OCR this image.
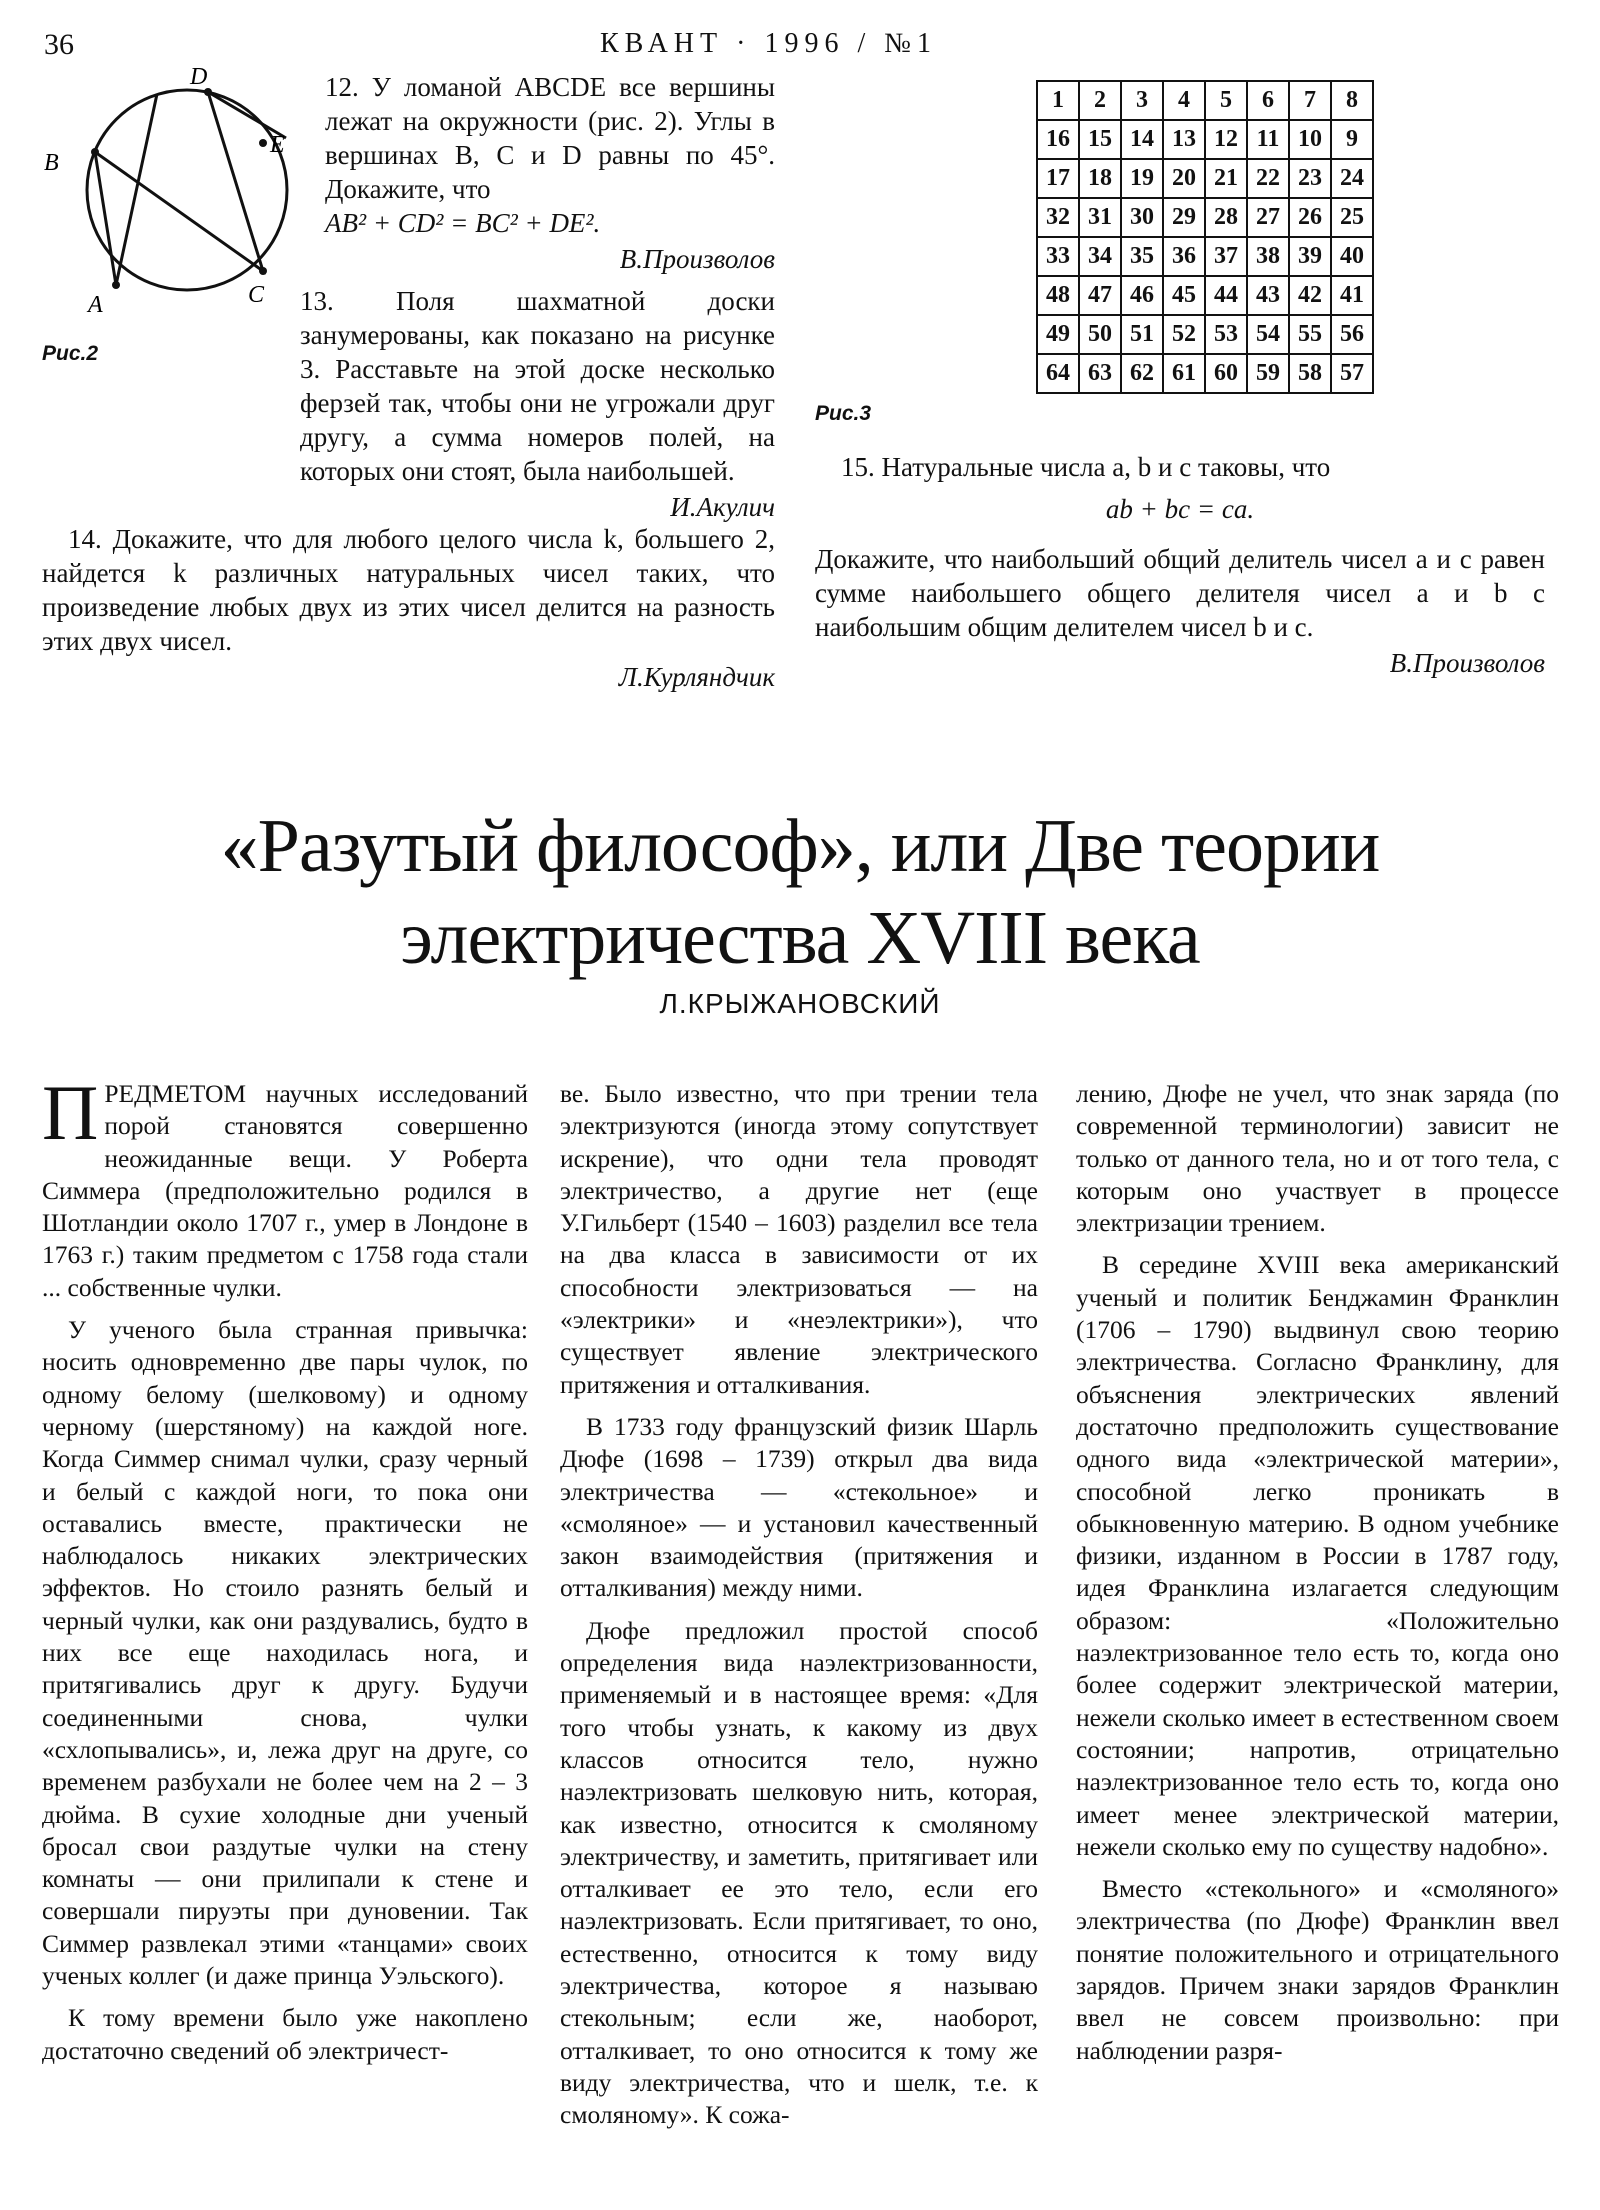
36	КВАНТ · 1996 / №1
A
B
C
D
E
Рис.2

12. У ломаной ABCDE все вершины лежат на окружности (рис. 2). Углы в вершинах B, C и D равны по 45°. Докажите, что

AB² + CD² = BC² + DE².

В.Произволов

13. Поля шахматной доски занумерованы, как показано на рисунке 3. Расставьте на этой доске несколько ферзей так, чтобы они не угрожали друг другу, а сумма номеров полей, на которых они стоят, была наибольшей.

И.Акулич

14. Докажите, что для любого целого числа k, большего 2, найдется k различных натуральных чисел таких, что произведение любых двух из этих чисел делится на разность этих двух чисел.

Л.Курляндчик

1	2	3	4	5	6	7	8
16	15	14	13	12	11	10	9
17	18	19	20	21	22	23	24
32	31	30	29	28	27	26	25
33	34	35	36	37	38	39	40
48	47	46	45	44	43	42	41
49	50	51	52	53	54	55	56
64	63	62	61	60	59	58	57
Рис.3

15. Натуральные числа a, b и c таковы, что

ab + bc = ca.

Докажите, что наибольший общий делитель чисел a и c равен сумме наибольшего общего делителя чисел a и b с наибольшим общим делителем чисел b и c.

В.Произволов

«Разутый философ», или Две теории
электричества XVIII века
Л.КРЫЖАНОВСКИЙ

ПРЕДМЕТОМ научных исследований порой становятся совершенно неожиданные вещи. У Роберта Симмера (предположительно родился в Шотландии около 1707 г., умер в Лондоне в 1763 г.) таким предметом с 1758 года стали ... собственные чулки.

У ученого была странная привычка: носить одновременно две пары чулок, по одному белому (шелковому) и одному черному (шерстяному) на каждой ноге. Когда Симмер снимал чулки, сразу черный и белый с каждой ноги, то пока они оставались вместе, практически не наблюдалось никаких электрических эффектов. Но стоило разнять белый и черный чулки, как они раздувались, будто в них все еще находилась нога, и притягивались друг к другу. Будучи соединенными снова, чулки «схлопывались», и, лежа друг на друге, со временем разбухали не более чем на 2 – 3 дюйма. В сухие холодные дни ученый бросал свои раздутые чулки на стену комнаты — они прилипали к стене и совершали пируэты при дуновении. Так Симмер развлекал этими «танцами» своих ученых коллег (и даже принца Уэльского).

К тому времени было уже накоплено достаточно сведений об электричест-

ве. Было известно, что при трении тела электризуются (иногда этому сопутствует искрение), что одни тела проводят электричество, а другие нет (еще У.Гильберт (1540 – 1603) разделил все тела на два класса в зависимости от их способности электризоваться — на «электрики» и «неэлектрики»), что существует явление электрического притяжения и отталкивания.

В 1733 году французский физик Шарль Дюфе (1698 – 1739) открыл два вида электричества — «стекольное» и «смоляное» — и установил качественный закон взаимодействия (притяжения и отталкивания) между ними.

Дюфе предложил простой способ определения вида наэлектризованности, применяемый и в настоящее время: «Для того чтобы узнать, к какому из двух классов относится тело, нужно наэлектризовать шелковую нить, которая, как известно, относится к смоляному электричеству, и заметить, притягивает или отталкивает ее это тело, если его наэлектризовать. Если притягивает, то оно, естественно, относится к тому виду электричества, которое я называю стекольным; если же, наоборот, отталкивает, то оно относится к тому же виду электричества, что и шелк, т.е. к смоляному». К сожа-

лению, Дюфе не учел, что знак заряда (по современной терминологии) зависит не только от данного тела, но и от того тела, с которым оно участвует в процессе электризации трением.

В середине XVIII века американский ученый и политик Бенджамин Франклин (1706 – 1790) выдвинул свою теорию электричества. Согласно Франклину, для объяснения электрических явлений достаточно предположить существование одного вида «электрической материи», способной легко проникать в обыкновенную материю. В одном учебнике физики, изданном в России в 1787 году, идея Франклина излагается следующим образом: «Положительно наэлектризованное тело есть то, когда оно более содержит электрической материи, нежели сколько имеет в естественном своем состоянии; напротив, отрицательно наэлектризованное тело есть то, когда оно имеет менее электрической материи, нежели сколько ему по существу надобно».

Вместо «стекольного» и «смоляного» электричества (по Дюфе) Франклин ввел понятие положительного и отрицательного зарядов. Причем знаки зарядов Франклин ввел не совсем произвольно: при наблюдении разря-
